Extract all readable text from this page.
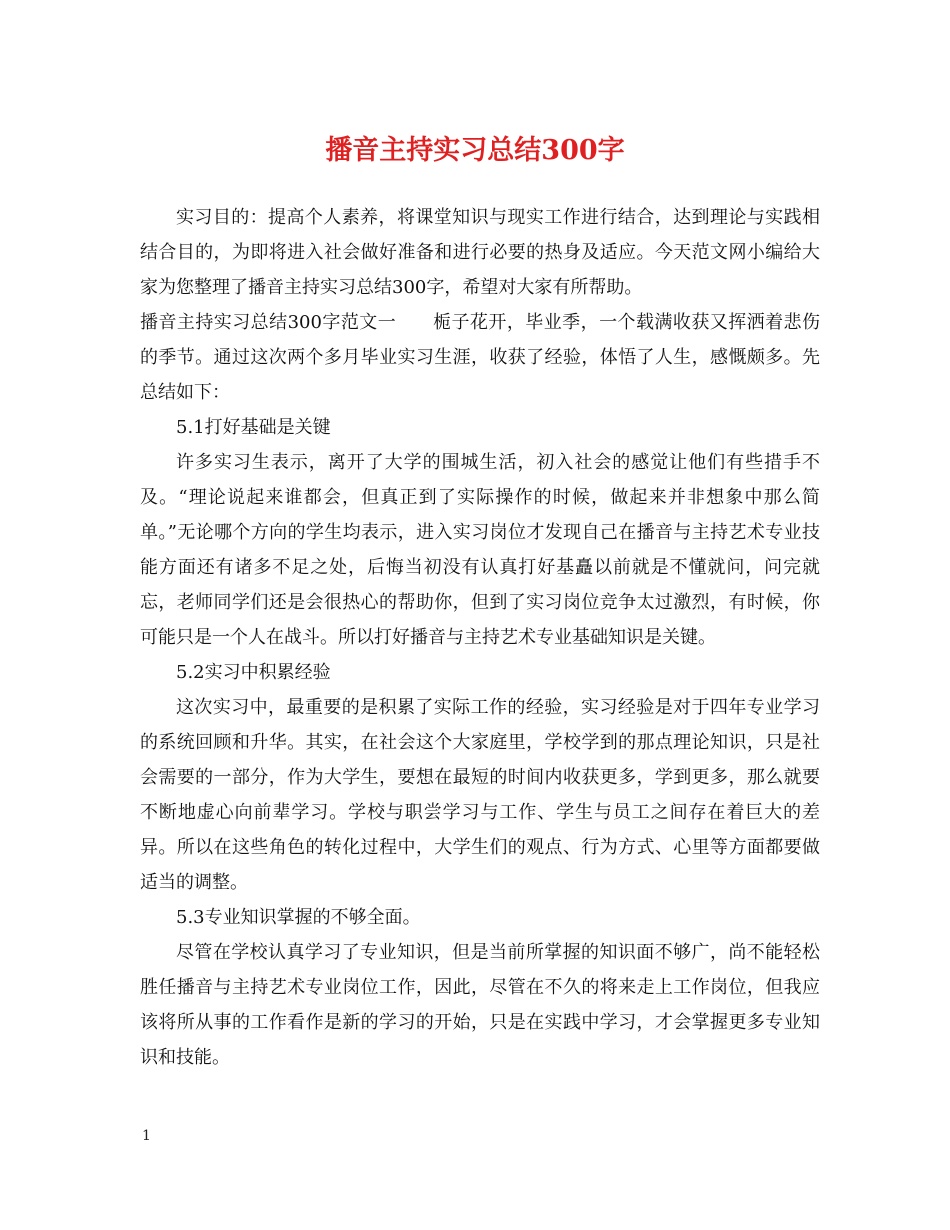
播音主持实习总结300字

实习目的：提高个人素养，将课堂知识与现实工作进行结合，达到理论与实践相结合目的，为即将进入社会做好准备和进行必要的热身及适应。今天范文网小编给大家为您整理了播音主持实习总结300字，希望对大家有所帮助。

播音主持实习总结300字范文一　　栀子花开，毕业季，一个载满收获又挥洒着悲伤的季节。通过这次两个多月毕业实习生涯，收获了经验，体悟了人生，感慨颇多。先总结如下：

5.1打好基础是关键

许多实习生表示，离开了大学的围城生活，初入社会的感觉让他们有些措手不及。“理论说起来谁都会，但真正到了实际操作的时候，做起来并非想象中那么简单。”无论哪个方向的学生均表示，进入实习岗位才发现自己在播音与主持艺术专业技能方面还有诸多不足之处，后悔当初没有认真打好基矗以前就是不懂就问，问完就忘，老师同学们还是会很热心的帮助你，但到了实习岗位竞争太过激烈，有时候，你可能只是一个人在战斗。所以打好播音与主持艺术专业基础知识是关键。

5.2实习中积累经验

这次实习中，最重要的是积累了实际工作的经验，实习经验是对于四年专业学习的系统回顾和升华。其实，在社会这个大家庭里，学校学到的那点理论知识，只是社会需要的一部分，作为大学生，要想在最短的时间内收获更多，学到更多，那么就要不断地虚心向前辈学习。学校与职尝学习与工作、学生与员工之间存在着巨大的差异。所以在这些角色的转化过程中，大学生们的观点、行为方式、心里等方面都要做适当的调整。

5.3专业知识掌握的不够全面。

尽管在学校认真学习了专业知识，但是当前所掌握的知识面不够广，尚不能轻松胜任播音与主持艺术专业岗位工作，因此，尽管在不久的将来走上工作岗位，但我应该将所从事的工作看作是新的学习的开始，只是在实践中学习，才会掌握更多专业知识和技能。

1
